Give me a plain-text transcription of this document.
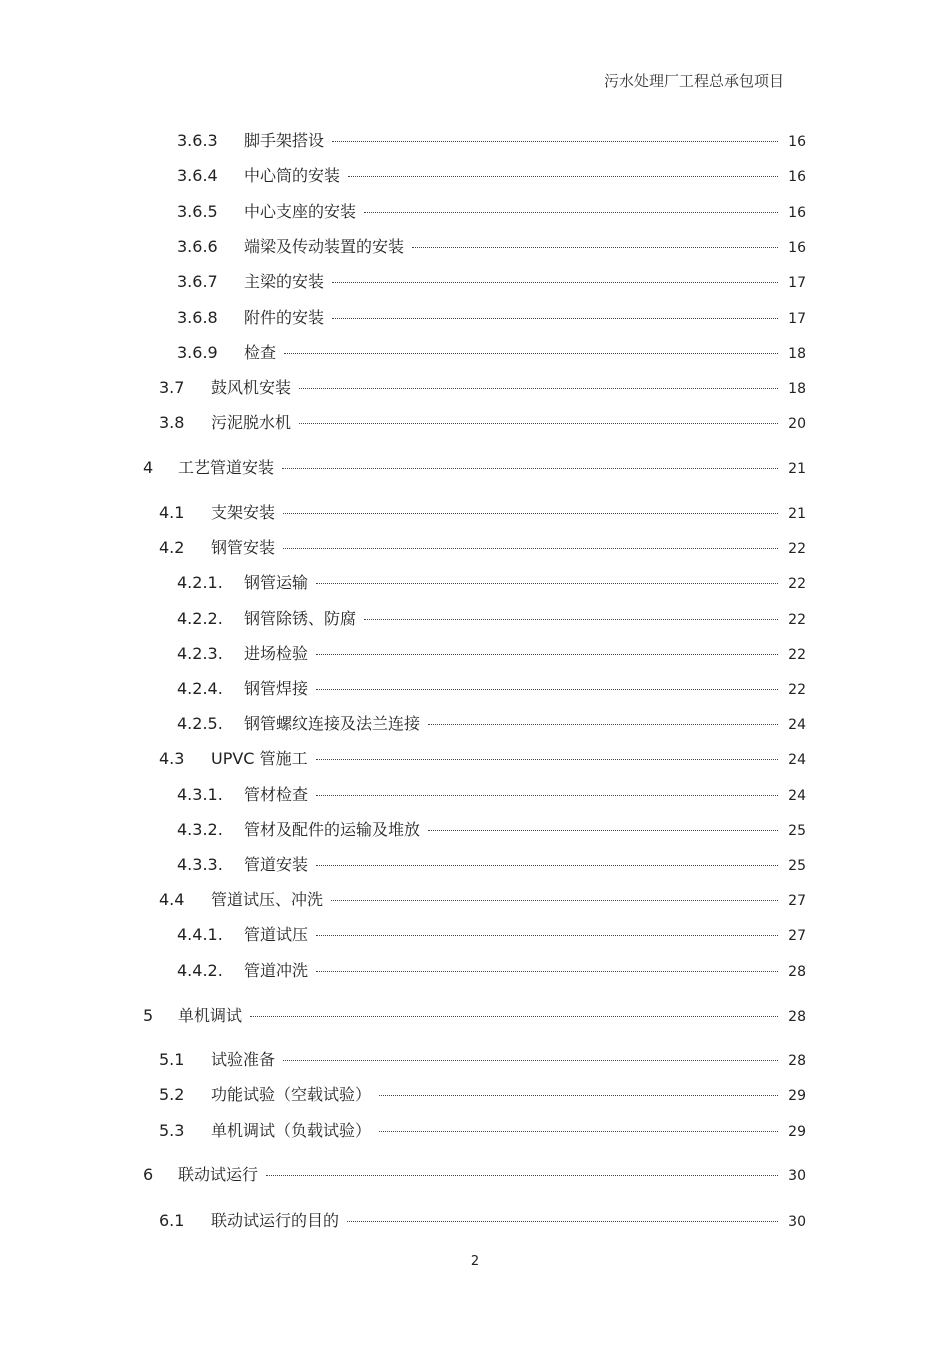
污水处理厂工程总承包项目
3.6.3	脚手架搭设	16
3.6.4	中心筒的安装	16
3.6.5	中心支座的安装	16
3.6.6	端梁及传动装置的安装	16
3.6.7	主梁的安装	17
3.6.8	附件的安装	17
3.6.9	检查	18
3.7	鼓风机安装	18
3.8	污泥脱水机	20
4	工艺管道安装	21
4.1	支架安装	21
4.2	钢管安装	22
4.2.1.	钢管运输	22
4.2.2.	钢管除锈、防腐	22
4.2.3.	进场检验	22
4.2.4.	钢管焊接	22
4.2.5.	钢管螺纹连接及法兰连接	24
4.3	UPVC 管施工	24
4.3.1.	管材检查	24
4.3.2.	管材及配件的运输及堆放	25
4.3.3.	管道安装	25
4.4	管道试压、冲洗	27
4.4.1.	管道试压	27
4.4.2.	管道冲洗	28
5	单机调试	28
5.1	试验准备	28
5.2	功能试验（空载试验）	29
5.3	单机调试（负载试验）	29
6	联动试运行	30
6.1	联动试运行的目的	30
2
